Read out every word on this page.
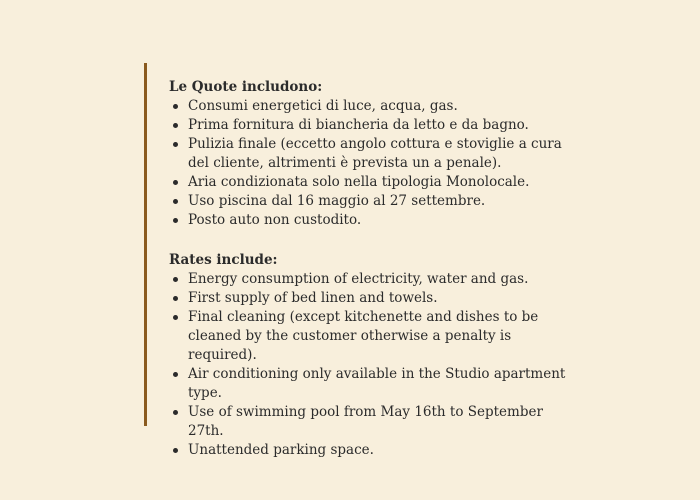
Le Quote includono:

Consumi energetici di luce, acqua, gas.
Prima fornitura di biancheria da letto e da bagno.
Pulizia finale (eccetto angolo cottura e stoviglie a cura del cliente, altrimenti è prevista un a penale).
Aria condizionata solo nella tipologia Monolocale.
Uso piscina dal 16 maggio al 27 settembre.
Posto auto non custodito.

Rates include:

Energy consumption of electricity, water and gas.
First supply of bed linen and towels.
Final cleaning (except kitchenette and dishes to be cleaned by the customer otherwise a penalty is required).
Air conditioning only available in the Studio apartment type.
Use of swimming pool from May 16th to September 27th.
Unattended parking space.
